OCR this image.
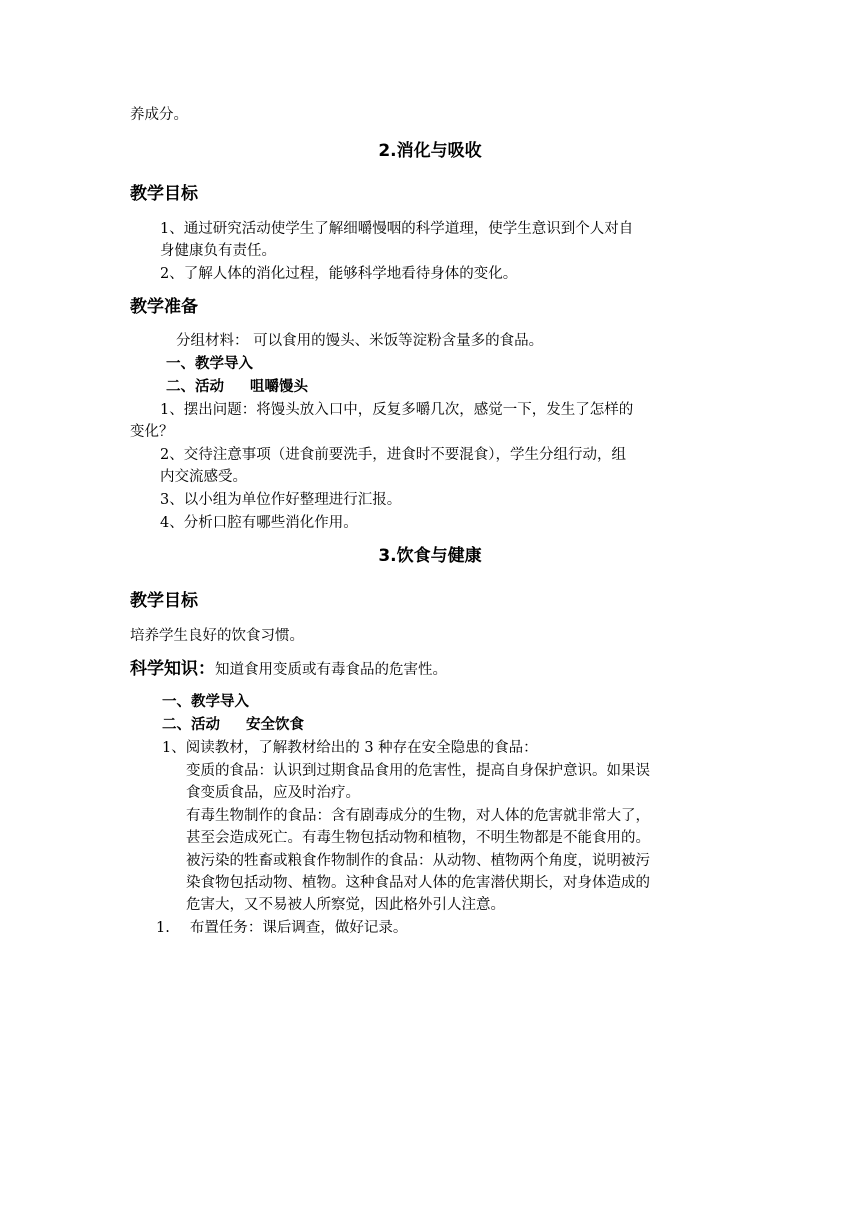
养成分。
2.消化与吸收
教学目标
1、通过研究活动使学生了解细嚼慢咽的科学道理，使学生意识到个人对自
身健康负有责任。
2、了解人体的消化过程，能够科学地看待身体的变化。
教学准备
分组材料： 可以食用的馒头、米饭等淀粉含量多的食品。
一、教学导入
二、活动 咀嚼馒头
1、摆出问题：将馒头放入口中，反复多嚼几次，感觉一下，发生了怎样的
变化？
2、交待注意事项（进食前要洗手，进食时不要混食），学生分组行动，组
内交流感受。
3、以小组为单位作好整理进行汇报。
4、分析口腔有哪些消化作用。
3.饮食与健康
教学目标
培养学生良好的饮食习惯。
科学知识：知道食用变质或有毒食品的危害性。
一、教学导入
二、活动 安全饮食
1、阅读教材，了解教材给出的 3 种存在安全隐患的食品：
变质的食品：认识到过期食品食用的危害性，提高自身保护意识。如果误
食变质食品，应及时治疗。
有毒生物制作的食品：含有剧毒成分的生物，对人体的危害就非常大了，
甚至会造成死亡。有毒生物包括动物和植物，不明生物都是不能食用的。
被污染的牲畜或粮食作物制作的食品：从动物、植物两个角度，说明被污
染食物包括动物、植物。这种食品对人体的危害潜伏期长，对身体造成的
危害大，又不易被人所察觉，因此格外引人注意。
1. 布置任务：课后调查，做好记录。
